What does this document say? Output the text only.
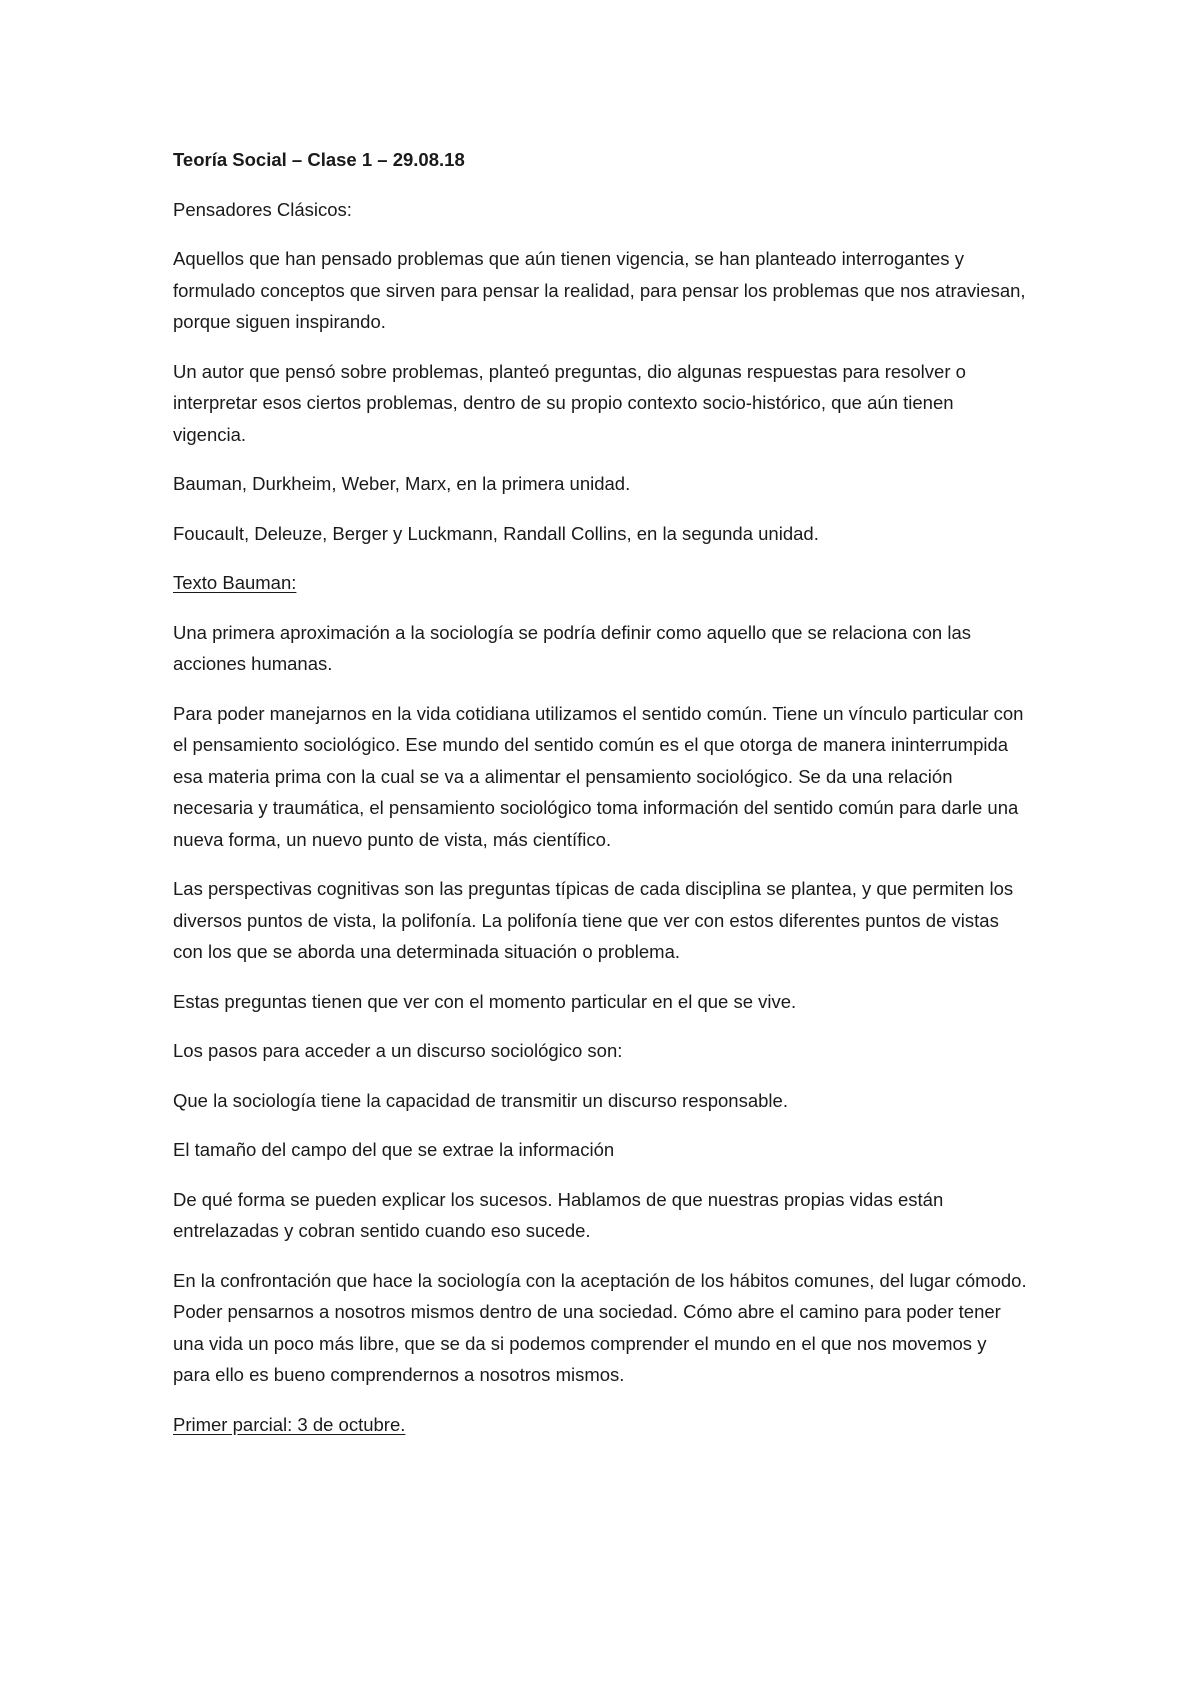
Teoría Social – Clase 1 – 29.08.18

Pensadores Clásicos:

Aquellos que han pensado problemas que aún tienen vigencia, se han planteado interrogantes y formulado conceptos que sirven para pensar la realidad, para pensar los problemas que nos atraviesan, porque siguen inspirando.

Un autor que pensó sobre problemas, planteó preguntas, dio algunas respuestas para resolver o interpretar esos ciertos problemas, dentro de su propio contexto socio-histórico, que aún tienen vigencia.

Bauman, Durkheim, Weber, Marx, en la primera unidad.

Foucault, Deleuze, Berger y Luckmann, Randall Collins, en la segunda unidad.

Texto Bauman:

Una primera aproximación a la sociología se podría definir como aquello que se relaciona con las acciones humanas.

Para poder manejarnos en la vida cotidiana utilizamos el sentido común. Tiene un vínculo particular con el pensamiento sociológico. Ese mundo del sentido común es el que otorga de manera ininterrumpida esa materia prima con la cual se va a alimentar el pensamiento sociológico. Se da una relación necesaria y traumática, el pensamiento sociológico toma información del sentido común para darle una nueva forma, un nuevo punto de vista, más científico.

Las perspectivas cognitivas son las preguntas típicas de cada disciplina se plantea, y que permiten los diversos puntos de vista, la polifonía. La polifonía tiene que ver con estos diferentes puntos de vistas con los que se aborda una determinada situación o problema.

Estas preguntas tienen que ver con el momento particular en el que se vive.

Los pasos para acceder a un discurso sociológico son:

Que la sociología tiene la capacidad de transmitir un discurso responsable.

El tamaño del campo del que se extrae la información

De qué forma se pueden explicar los sucesos. Hablamos de que nuestras propias vidas están entrelazadas y cobran sentido cuando eso sucede.

En la confrontación que hace la sociología con la aceptación de los hábitos comunes, del lugar cómodo. Poder pensarnos a nosotros mismos dentro de una sociedad. Cómo abre el camino para poder tener una vida un poco más libre, que se da si podemos comprender el mundo en el que nos movemos y para ello es bueno comprendernos a nosotros mismos.

Primer parcial: 3 de octubre.
